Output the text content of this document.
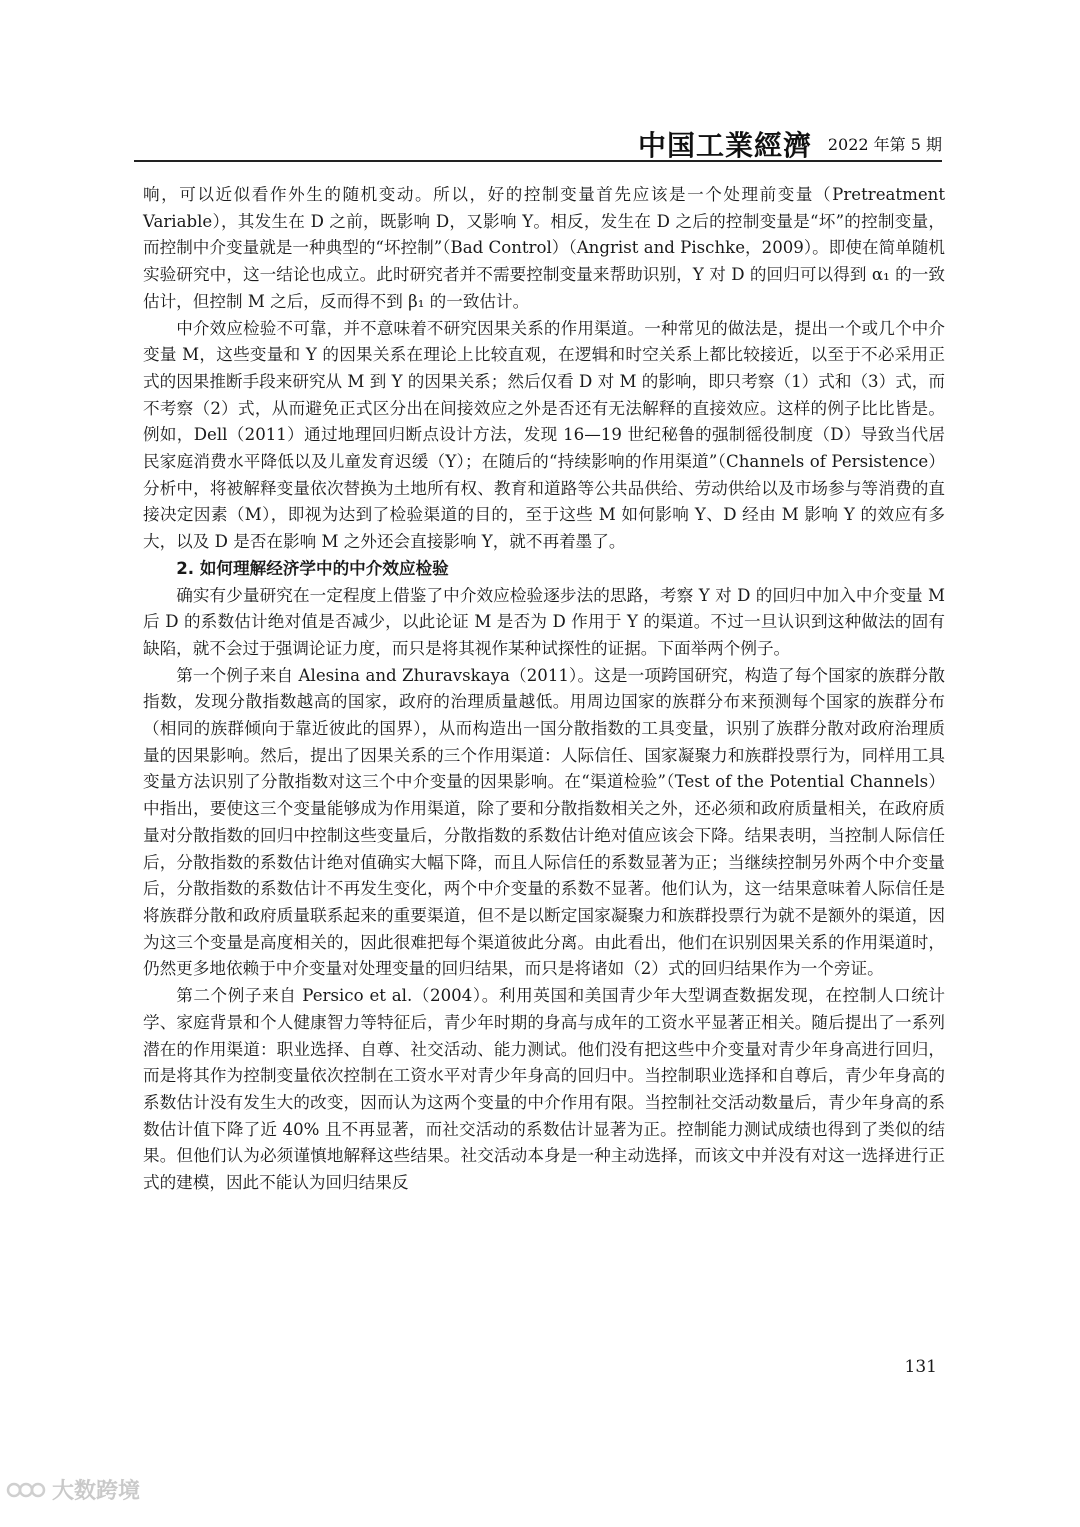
中国工業經濟 2022 年第 5 期

响，可以近似看作外生的随机变动。所以，好的控制变量首先应该是一个处理前变量（Pretreatment Variable），其发生在 D 之前，既影响 D，又影响 Y。相反，发生在 D 之后的控制变量是“坏”的控制变量，而控制中介变量就是一种典型的“坏控制”（Bad Control）（Angrist and Pischke，2009）。即使在简单随机实验研究中，这一结论也成立。此时研究者并不需要控制变量来帮助识别，Y 对 D 的回归可以得到 α₁ 的一致估计，但控制 M 之后，反而得不到 β₁ 的一致估计。

中介效应检验不可靠，并不意味着不研究因果关系的作用渠道。一种常见的做法是，提出一个或几个中介变量 M，这些变量和 Y 的因果关系在理论上比较直观，在逻辑和时空关系上都比较接近，以至于不必采用正式的因果推断手段来研究从 M 到 Y 的因果关系；然后仅看 D 对 M 的影响，即只考察（1）式和（3）式，而不考察（2）式，从而避免正式区分出在间接效应之外是否还有无法解释的直接效应。这样的例子比比皆是。例如，Dell（2011）通过地理回归断点设计方法，发现 16—19 世纪秘鲁的强制徭役制度（D）导致当代居民家庭消费水平降低以及儿童发育迟缓（Y）；在随后的“持续影响的作用渠道”（Channels of Persistence）分析中，将被解释变量依次替换为土地所有权、教育和道路等公共品供给、劳动供给以及市场参与等消费的直接决定因素（M），即视为达到了检验渠道的目的，至于这些 M 如何影响 Y、D 经由 M 影响 Y 的效应有多大，以及 D 是否在影响 M 之外还会直接影响 Y，就不再着墨了。

2. 如何理解经济学中的中介效应检验

确实有少量研究在一定程度上借鉴了中介效应检验逐步法的思路，考察 Y 对 D 的回归中加入中介变量 M 后 D 的系数估计绝对值是否减少，以此论证 M 是否为 D 作用于 Y 的渠道。不过一旦认识到这种做法的固有缺陷，就不会过于强调论证力度，而只是将其视作某种试探性的证据。下面举两个例子。

第一个例子来自 Alesina and Zhuravskaya（2011）。这是一项跨国研究，构造了每个国家的族群分散指数，发现分散指数越高的国家，政府的治理质量越低。用周边国家的族群分布来预测每个国家的族群分布（相同的族群倾向于靠近彼此的国界），从而构造出一国分散指数的工具变量，识别了族群分散对政府治理质量的因果影响。然后，提出了因果关系的三个作用渠道：人际信任、国家凝聚力和族群投票行为，同样用工具变量方法识别了分散指数对这三个中介变量的因果影响。在“渠道检验”（Test of the Potential Channels）中指出，要使这三个变量能够成为作用渠道，除了要和分散指数相关之外，还必须和政府质量相关，在政府质量对分散指数的回归中控制这些变量后，分散指数的系数估计绝对值应该会下降。结果表明，当控制人际信任后，分散指数的系数估计绝对值确实大幅下降，而且人际信任的系数显著为正；当继续控制另外两个中介变量后，分散指数的系数估计不再发生变化，两个中介变量的系数不显著。他们认为，这一结果意味着人际信任是将族群分散和政府质量联系起来的重要渠道，但不是以断定国家凝聚力和族群投票行为就不是额外的渠道，因为这三个变量是高度相关的，因此很难把每个渠道彼此分离。由此看出，他们在识别因果关系的作用渠道时，仍然更多地依赖于中介变量对处理变量的回归结果，而只是将诸如（2）式的回归结果作为一个旁证。

第二个例子来自 Persico et al.（2004）。利用英国和美国青少年大型调查数据发现，在控制人口统计学、家庭背景和个人健康智力等特征后，青少年时期的身高与成年的工资水平显著正相关。随后提出了一系列潜在的作用渠道：职业选择、自尊、社交活动、能力测试。他们没有把这些中介变量对青少年身高进行回归，而是将其作为控制变量依次控制在工资水平对青少年身高的回归中。当控制职业选择和自尊后，青少年身高的系数估计没有发生大的改变，因而认为这两个变量的中介作用有限。当控制社交活动数量后，青少年身高的系数估计值下降了近 40% 且不再显著，而社交活动的系数估计显著为正。控制能力测试成绩也得到了类似的结果。但他们认为必须谨慎地解释这些结果。社交活动本身是一种主动选择，而该文中并没有对这一选择进行正式的建模，因此不能认为回归结果反

131
大数跨境
